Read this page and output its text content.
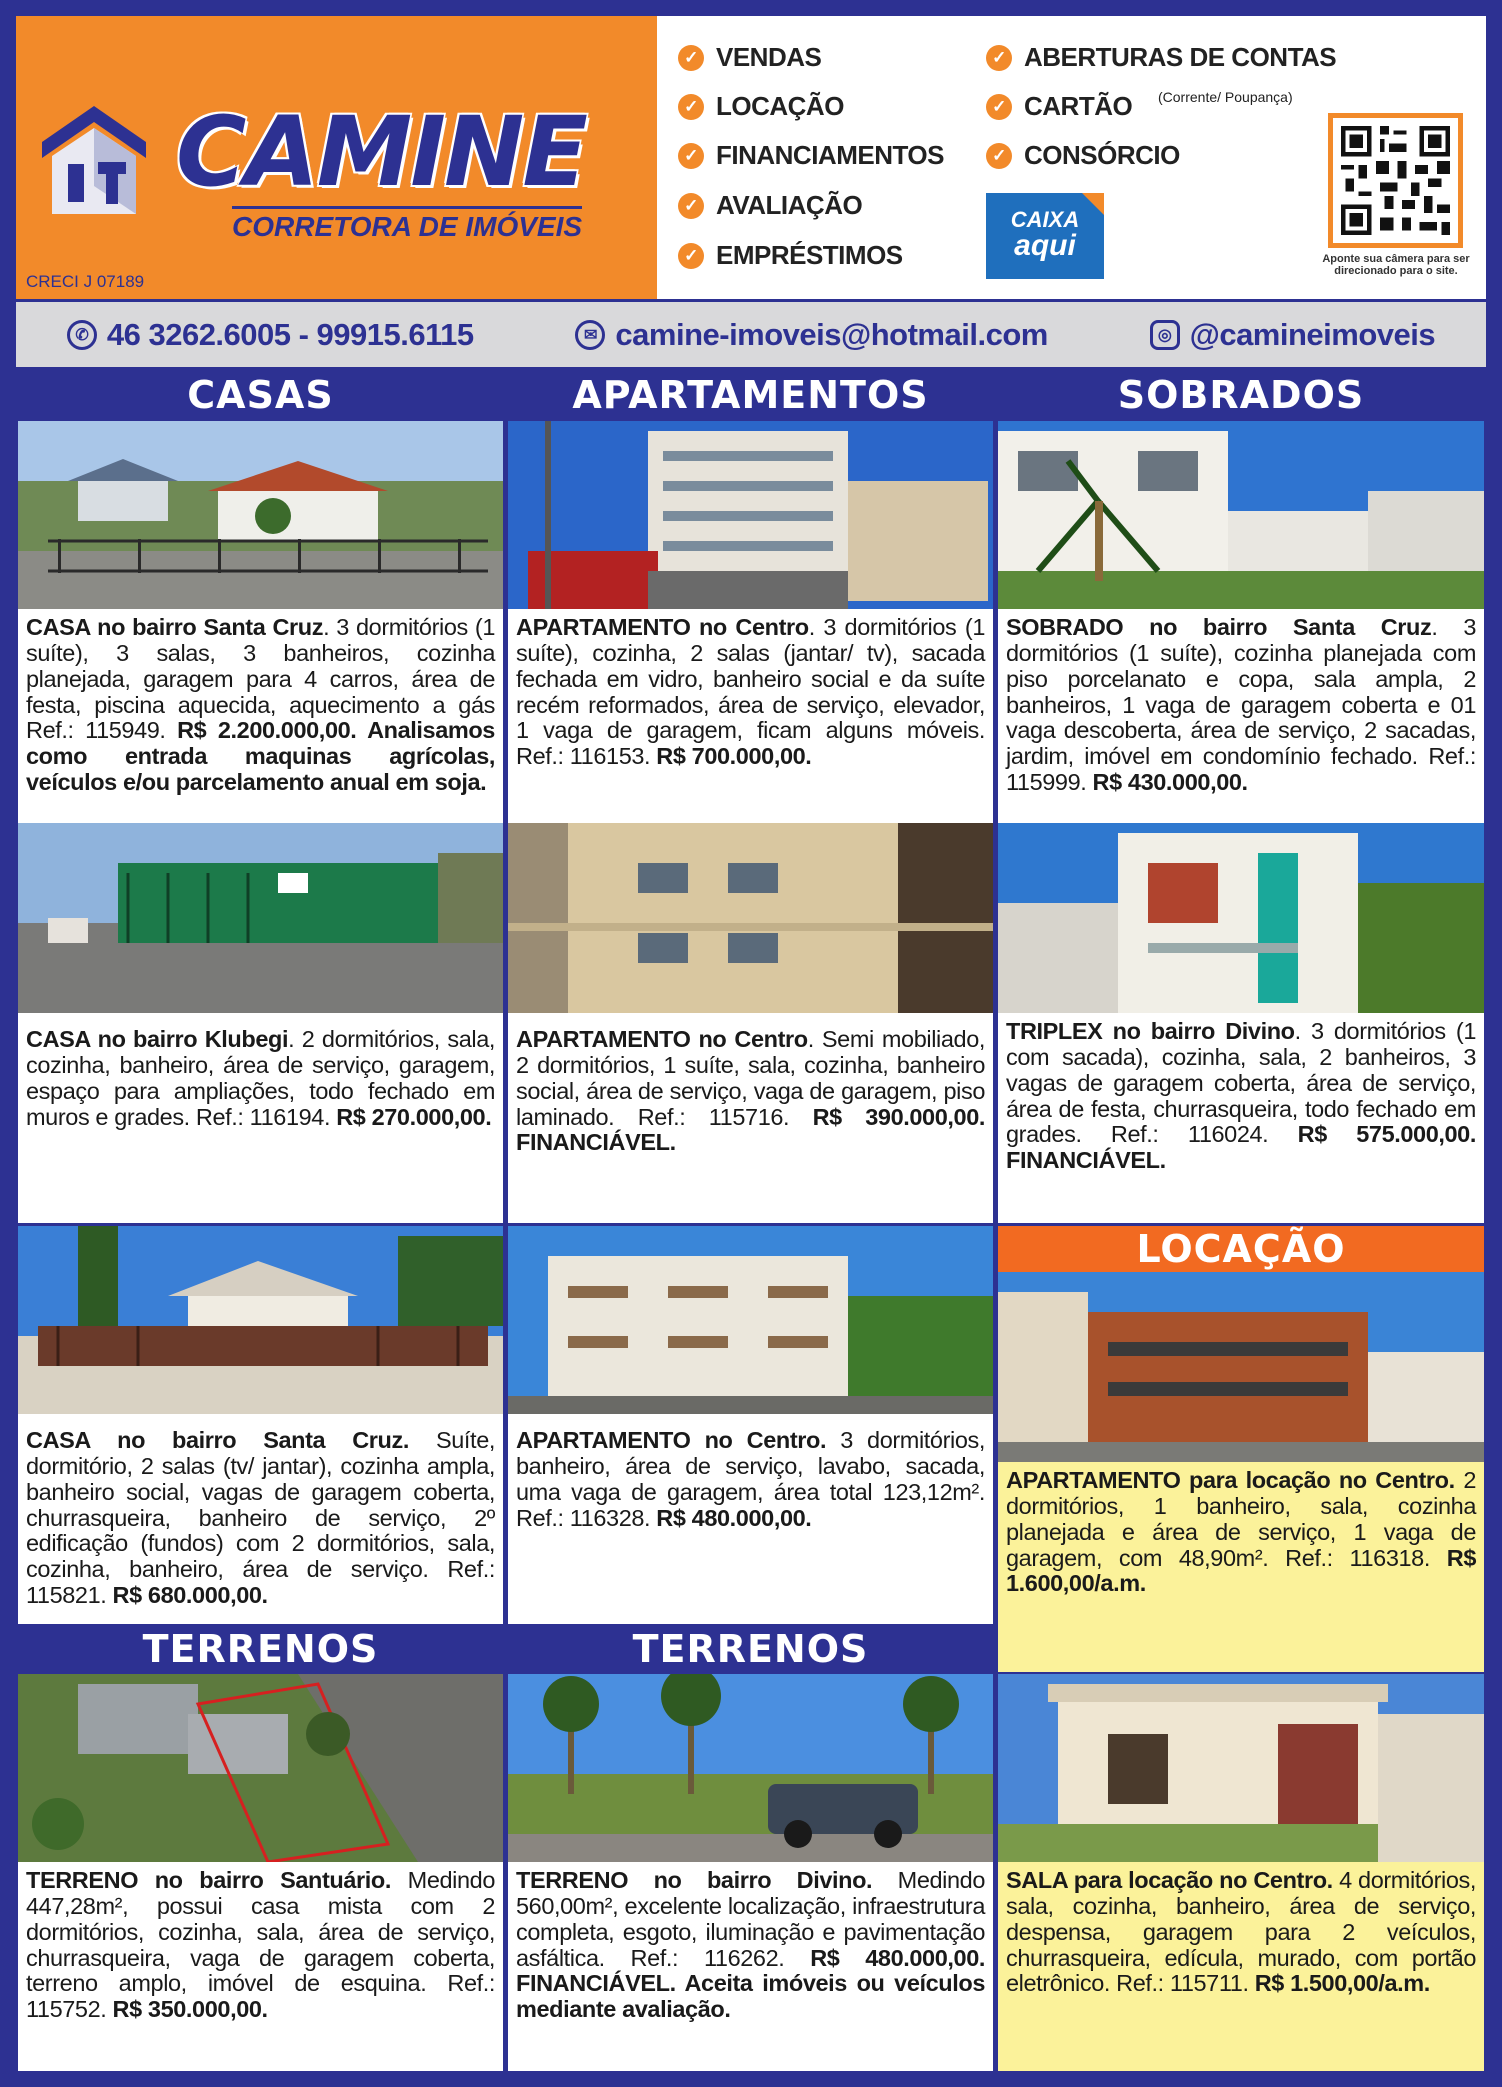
CAMINE
CORRETORA DE IMÓVEIS
CRECI J 07189
✓ VENDAS
✓ LOCAÇÃO
✓ FINANCIAMENTOS
✓ AVALIAÇÃO
✓ EMPRÉSTIMOS
✓ ABERTURAS DE CONTAS
(Corrente/ Poupança)
✓ CARTÃO
✓ CONSÓRCIO
CAIXA
aqui	Aponte sua câmera para ser direcionado para o site.
✆ 46 3262.6005 - 99915.6115	✉ camine-imoveis@hotmail.com	◎ @camineimoveis
CASAS	APARTAMENTOS	SOBRADOS
CASA no bairro Santa Cruz. 3 dormitórios (1 suíte), 3 salas, 3 banheiros, cozinha planejada, garagem para 4 carros, área de festa, piscina aquecida, aquecimento a gás Ref.: 115949. R$ 2.200.000,00. Analisamos como entrada maquinas agrícolas, veículos e/ou parcelamento anual em soja.
APARTAMENTO no Centro. 3 dormitórios (1 suíte), cozinha, 2 salas (jantar/ tv), sacada fechada em vidro, banheiro social e da suíte recém reformados, área de serviço, elevador, 1 vaga de garagem, ficam alguns móveis. Ref.: 116153. R$ 700.000,00.
SOBRADO no bairro Santa Cruz. 3 dormitórios (1 suíte), cozinha planejada com piso porcelanato e copa, sala ampla, 2 banheiros, 1 vaga de garagem coberta e 01 vaga descoberta, área de serviço, 2 sacadas, jardim, imóvel em condomínio fechado. Ref.: 115999. R$ 430.000,00.
CASA no bairro Klubegi. 2 dormitórios, sala, cozinha, banheiro, área de serviço, garagem, espaço para ampliações, todo fechado em muros e grades. Ref.: 116194. R$ 270.000,00.
APARTAMENTO no Centro. Semi mobiliado, 2 dormitórios, 1 suíte, sala, cozinha, banheiro social, área de serviço, vaga de garagem, piso laminado. Ref.: 115716. R$ 390.000,00. FINANCIÁVEL.
TRIPLEX no bairro Divino. 3 dormitórios (1 com sacada), cozinha, sala, 2 banheiros, 3 vagas de garagem coberta, área de serviço, área de festa, churrasqueira, todo fechado em grades. Ref.: 116024. R$ 575.000,00. FINANCIÁVEL.
LOCAÇÃO
CASA no bairro Santa Cruz. Suíte, dormitório, 2 salas (tv/ jantar), cozinha ampla, banheiro social, vagas de garagem coberta, churrasqueira, banheiro de serviço, 2º edificação (fundos) com 2 dormitórios, sala, cozinha, banheiro, área de serviço. Ref.: 115821. R$ 680.000,00.
APARTAMENTO no Centro. 3 dormitórios, banheiro, área de serviço, lavabo, sacada, uma vaga de garagem, área total 123,12m². Ref.: 116328. R$ 480.000,00.
APARTAMENTO para locação no Centro. 2 dormitórios, 1 banheiro, sala, cozinha planejada e área de serviço, 1 vaga de garagem, com 48,90m². Ref.: 116318. R$ 1.600,00/a.m.
TERRENOS	TERRENOS
TERRENO no bairro Santuário. Medindo 447,28m², possui casa mista com 2 dormitórios, cozinha, sala, área de serviço, churrasqueira, vaga de garagem coberta, terreno amplo, imóvel de esquina. Ref.: 115752. R$ 350.000,00.
TERRENO no bairro Divino. Medindo 560,00m², excelente localização, infraestrutura completa, esgoto, iluminação e pavimentação asfáltica. Ref.: 116262. R$ 480.000,00. FINANCIÁVEL. Aceita imóveis ou veículos mediante avaliação.
SALA para locação no Centro. 4 dormitórios, sala, cozinha, banheiro, área de serviço, despensa, garagem para 2 veículos, churrasqueira, edícula, murado, com portão eletrônico. Ref.: 115711. R$ 1.500,00/a.m.
